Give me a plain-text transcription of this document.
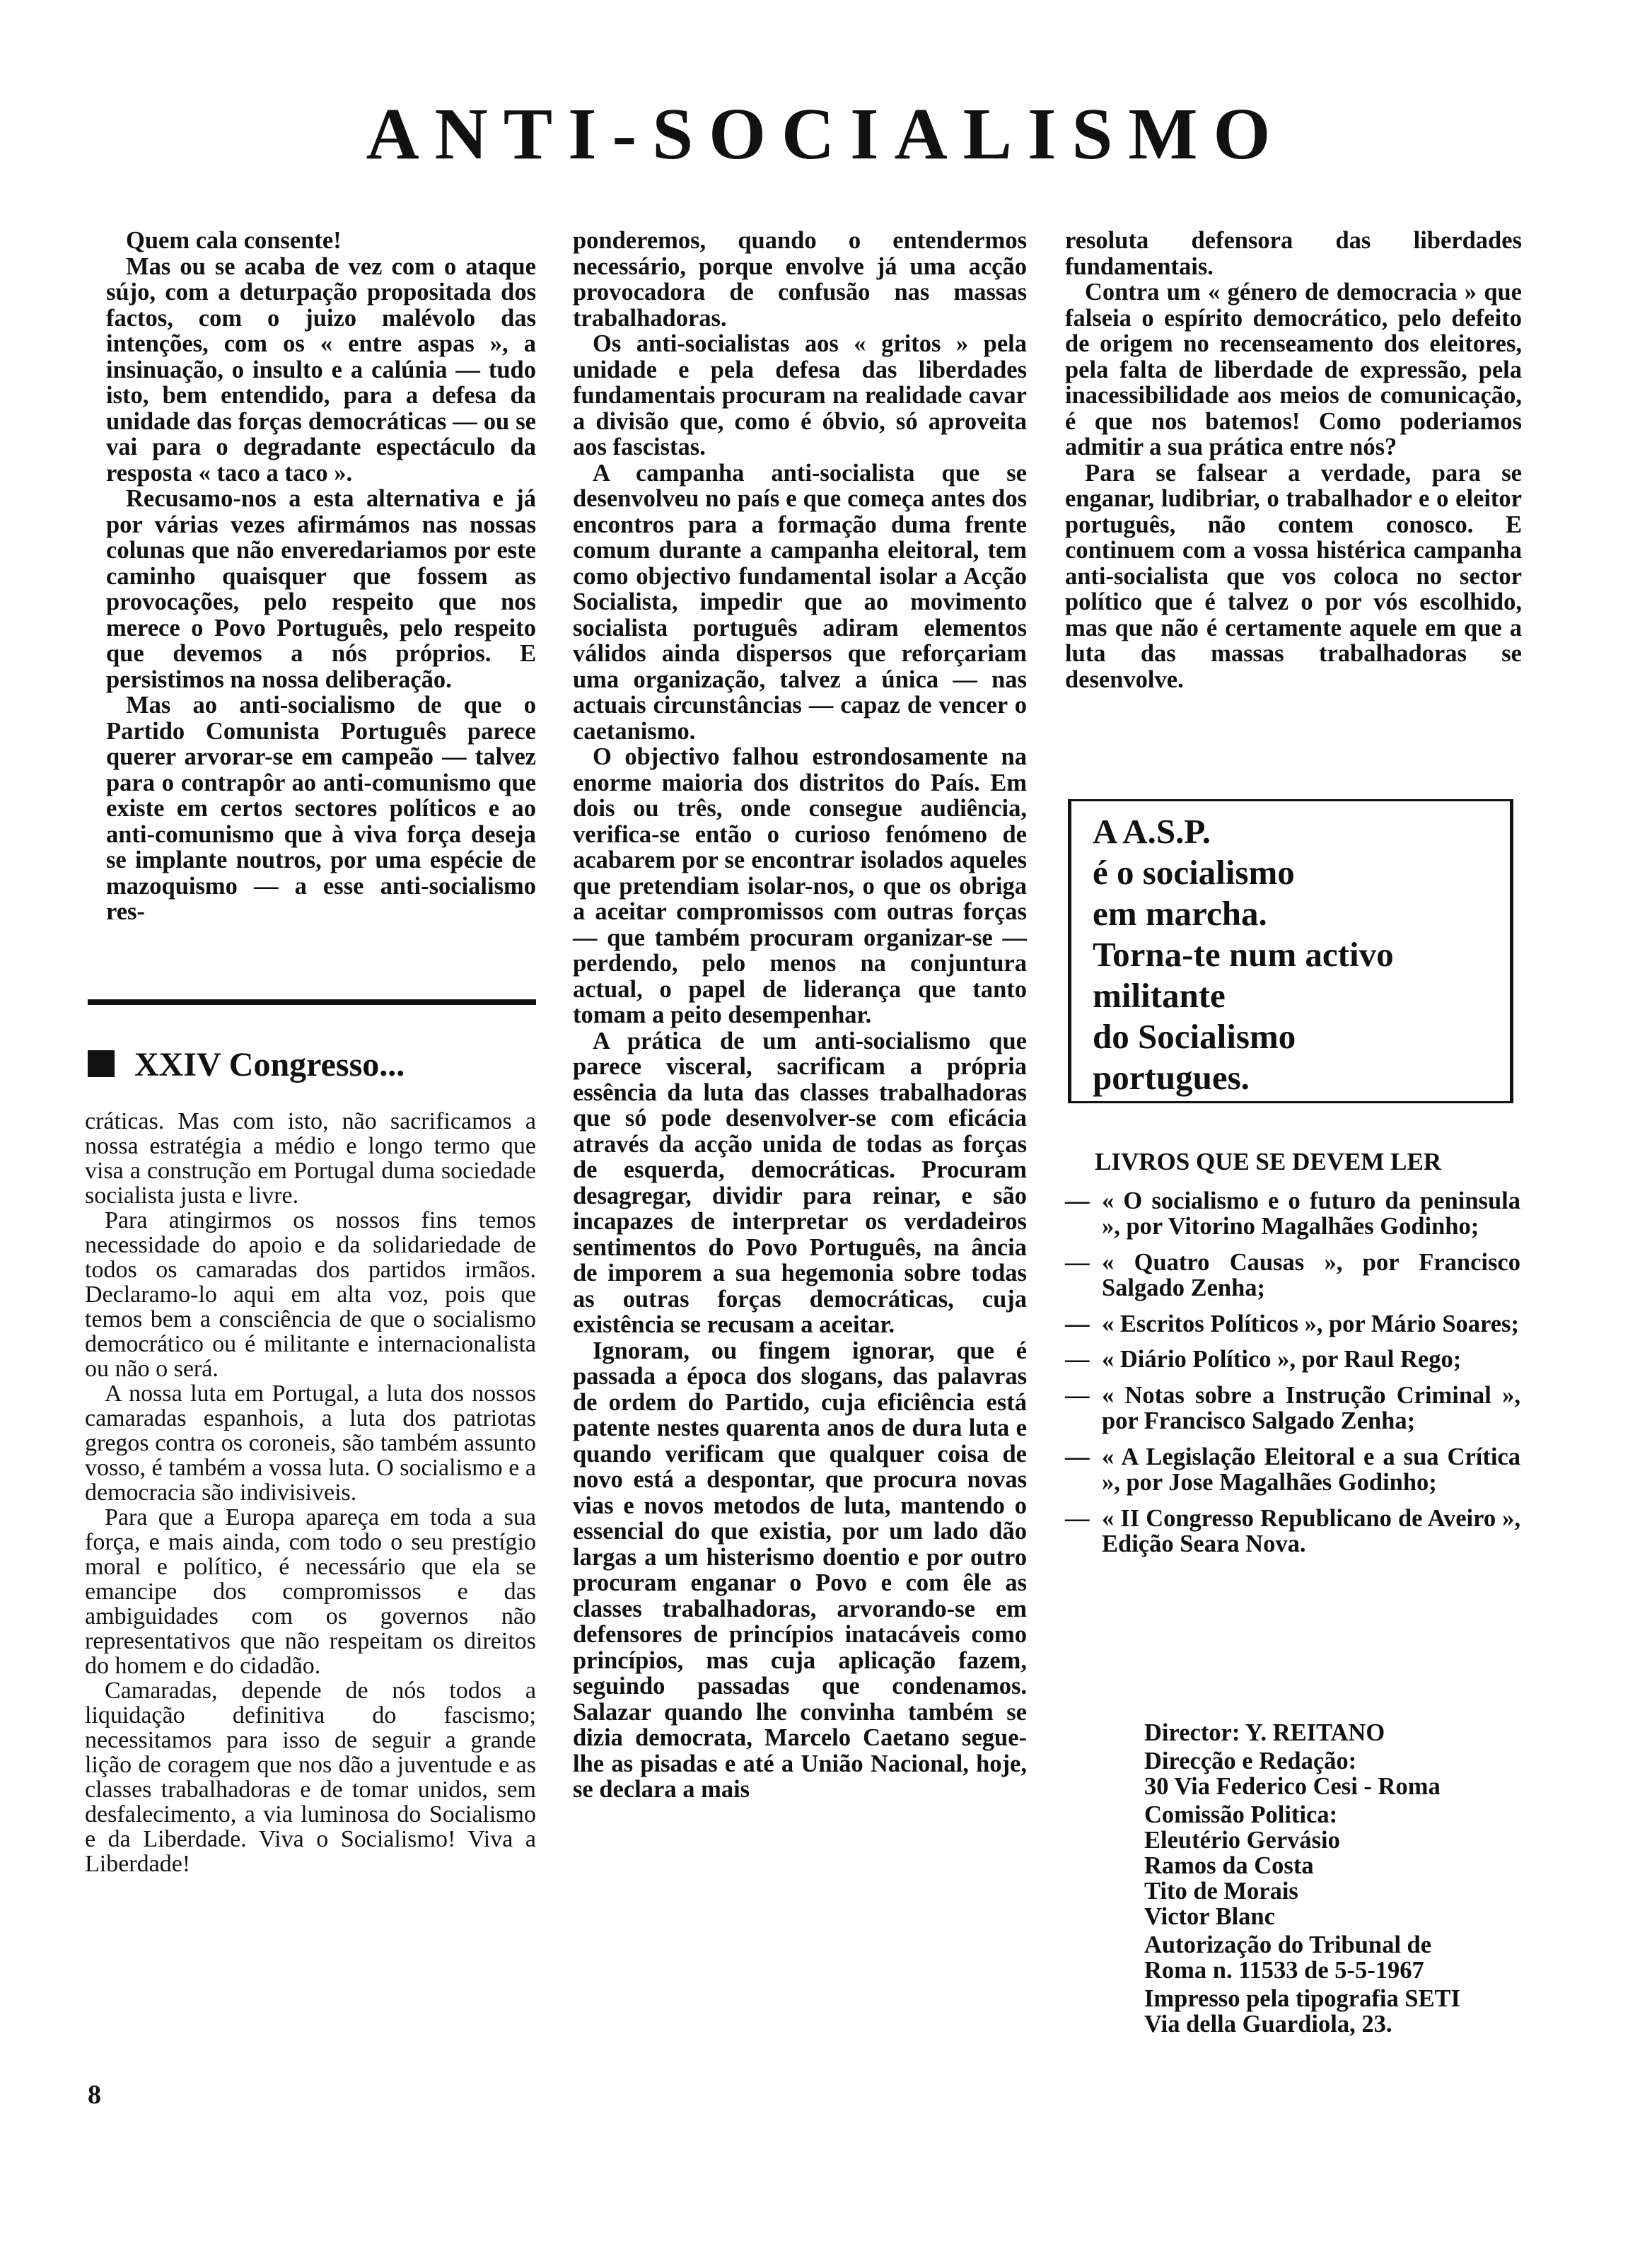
ANTI-SOCIALISMO

Quem cala consente!

Mas ou se acaba de vez com o ataque sújo, com a deturpação propositada dos factos, com o juizo malévolo das intenções, com os « entre aspas », a insinuação, o insulto e a calúnia — tudo isto, bem entendido, para a defesa da unidade das forças democráticas — ou se vai para o degradante espectáculo da resposta « taco a taco ».

Recusamo-nos a esta alternativa e já por várias vezes afirmámos nas nossas colunas que não enveredariamos por este caminho quaisquer que fossem as provocações, pelo respeito que nos merece o Povo Português, pelo respeito que devemos a nós próprios. E persistimos na nossa deliberação.

Mas ao anti-socialismo de que o Partido Comunista Português parece querer arvorar-se em campeão — talvez para o contrapôr ao anti-comunismo que existe em certos sectores políticos e ao anti-comunismo que à viva força deseja se implante noutros, por uma espécie de mazoquismo — a esse anti-socialismo res-

XXIV Congresso...

cráticas. Mas com isto, não sacrificamos a nossa estratégia a médio e longo termo que visa a construção em Portugal duma sociedade socialista justa e livre.

Para atingirmos os nossos fins temos necessidade do apoio e da solidariedade de todos os camaradas dos partidos irmãos. Declaramo-lo aqui em alta voz, pois que temos bem a consciência de que o socialismo democrático ou é militante e internacionalista ou não o será.

A nossa luta em Portugal, a luta dos nossos camaradas espanhois, a luta dos patriotas gregos contra os coroneis, são também assunto vosso, é também a vossa luta. O socialismo e a democracia são indivisiveis.

Para que a Europa apareça em toda a sua força, e mais ainda, com todo o seu prestígio moral e político, é necessário que ela se emancipe dos compromissos e das ambiguidades com os governos não representativos que não respeitam os direitos do homem e do cidadão.

Camaradas, depende de nós todos a liquidação definitiva do fascismo; necessitamos para isso de seguir a grande lição de coragem que nos dão a juventude e as classes trabalhadoras e de tomar unidos, sem desfalecimento, a via luminosa do Socialismo e da Liberdade. Viva o Socialismo! Viva a Liberdade!

ponderemos, quando o entendermos necessário, porque envolve já uma acção provocadora de confusão nas massas trabalhadoras.

Os anti-socialistas aos « gritos » pela unidade e pela defesa das liberdades fundamentais procuram na realidade cavar a divisão que, como é óbvio, só aproveita aos fascistas.

A campanha anti-socialista que se desenvolveu no país e que começa antes dos encontros para a formação duma frente comum durante a campanha eleitoral, tem como objectivo fundamental isolar a Acção Socialista, impedir que ao movimento socialista português adiram elementos válidos ainda dispersos que reforçariam uma organização, talvez a única — nas actuais circunstâncias — capaz de vencer o caetanismo.

O objectivo falhou estrondosamente na enorme maioria dos distritos do País. Em dois ou três, onde consegue audiência, verifica-se então o curioso fenómeno de acabarem por se encontrar isolados aqueles que pretendiam isolar-nos, o que os obriga a aceitar compromissos com outras forças — que também procuram organizar-se — perdendo, pelo menos na conjuntura actual, o papel de liderança que tanto tomam a peito desempenhar.

A prática de um anti-socialismo que parece visceral, sacrificam a própria essência da luta das classes trabalhadoras que só pode desenvolver-se com eficácia através da acção unida de todas as forças de esquerda, democráticas. Procuram desagregar, dividir para reinar, e são incapazes de interpretar os verdadeiros sentimentos do Povo Português, na ância de imporem a sua hegemonia sobre todas as outras forças democráticas, cuja existência se recusam a aceitar.

Ignoram, ou fingem ignorar, que é passada a época dos slogans, das palavras de ordem do Partido, cuja eficiência está patente nestes quarenta anos de dura luta e quando verificam que qualquer coisa de novo está a despontar, que procura novas vias e novos metodos de luta, mantendo o essencial do que existia, por um lado dão largas a um histerismo doentio e por outro procuram enganar o Povo e com êle as classes trabalhadoras, arvorando-se em defensores de princípios inatacáveis como princípios, mas cuja aplicação fazem, seguindo passadas que condenamos. Salazar quando lhe convinha também se dizia democrata, Marcelo Caetano segue-lhe as pisadas e até a União Nacional, hoje, se declara a mais

resoluta defensora das liberdades fundamentais.

Contra um « género de democracia » que falseia o espírito democrático, pelo defeito de origem no recenseamento dos eleitores, pela falta de liberdade de expressão, pela inacessibilidade aos meios de comunicação, é que nos batemos! Como poderiamos admitir a sua prática entre nós?

Para se falsear a verdade, para se enganar, ludibriar, o trabalhador e o eleitor português, não contem conosco. E continuem com a vossa histérica campanha anti-socialista que vos coloca no sector político que é talvez o por vós escolhido, mas que não é certamente aquele em que a luta das massas trabalhadoras se desenvolve.

A A.S.P.
é o socialismo
em marcha.
Torna-te num activo
militante
do Socialismo
portugues.
LIVROS QUE SE DEVEM LER
— « O socialismo e o futuro da peninsula », por Vitorino Magalhães Godinho;
— « Quatro Causas », por Francisco Salgado Zenha;
— « Escritos Políticos », por Mário Soares;
— « Diário Político », por Raul Rego;
— « Notas sobre a Instrução Criminal », por Francisco Salgado Zenha;
— « A Legislação Eleitoral e a sua Crítica », por Jose Magalhães Godinho;
— « II Congresso Republicano de Aveiro », Edição Seara Nova.
Director: Y. REITANO
Direcção e Redação:
30 Via Federico Cesi - Roma
Comissão Politica:
Eleutério Gervásio
Ramos da Costa
Tito de Morais
Victor Blanc
Autorização do Tribunal de
Roma n. 11533 de 5-5-1967
Impresso pela tipografia SETI
Via della Guardiola, 23.
8
